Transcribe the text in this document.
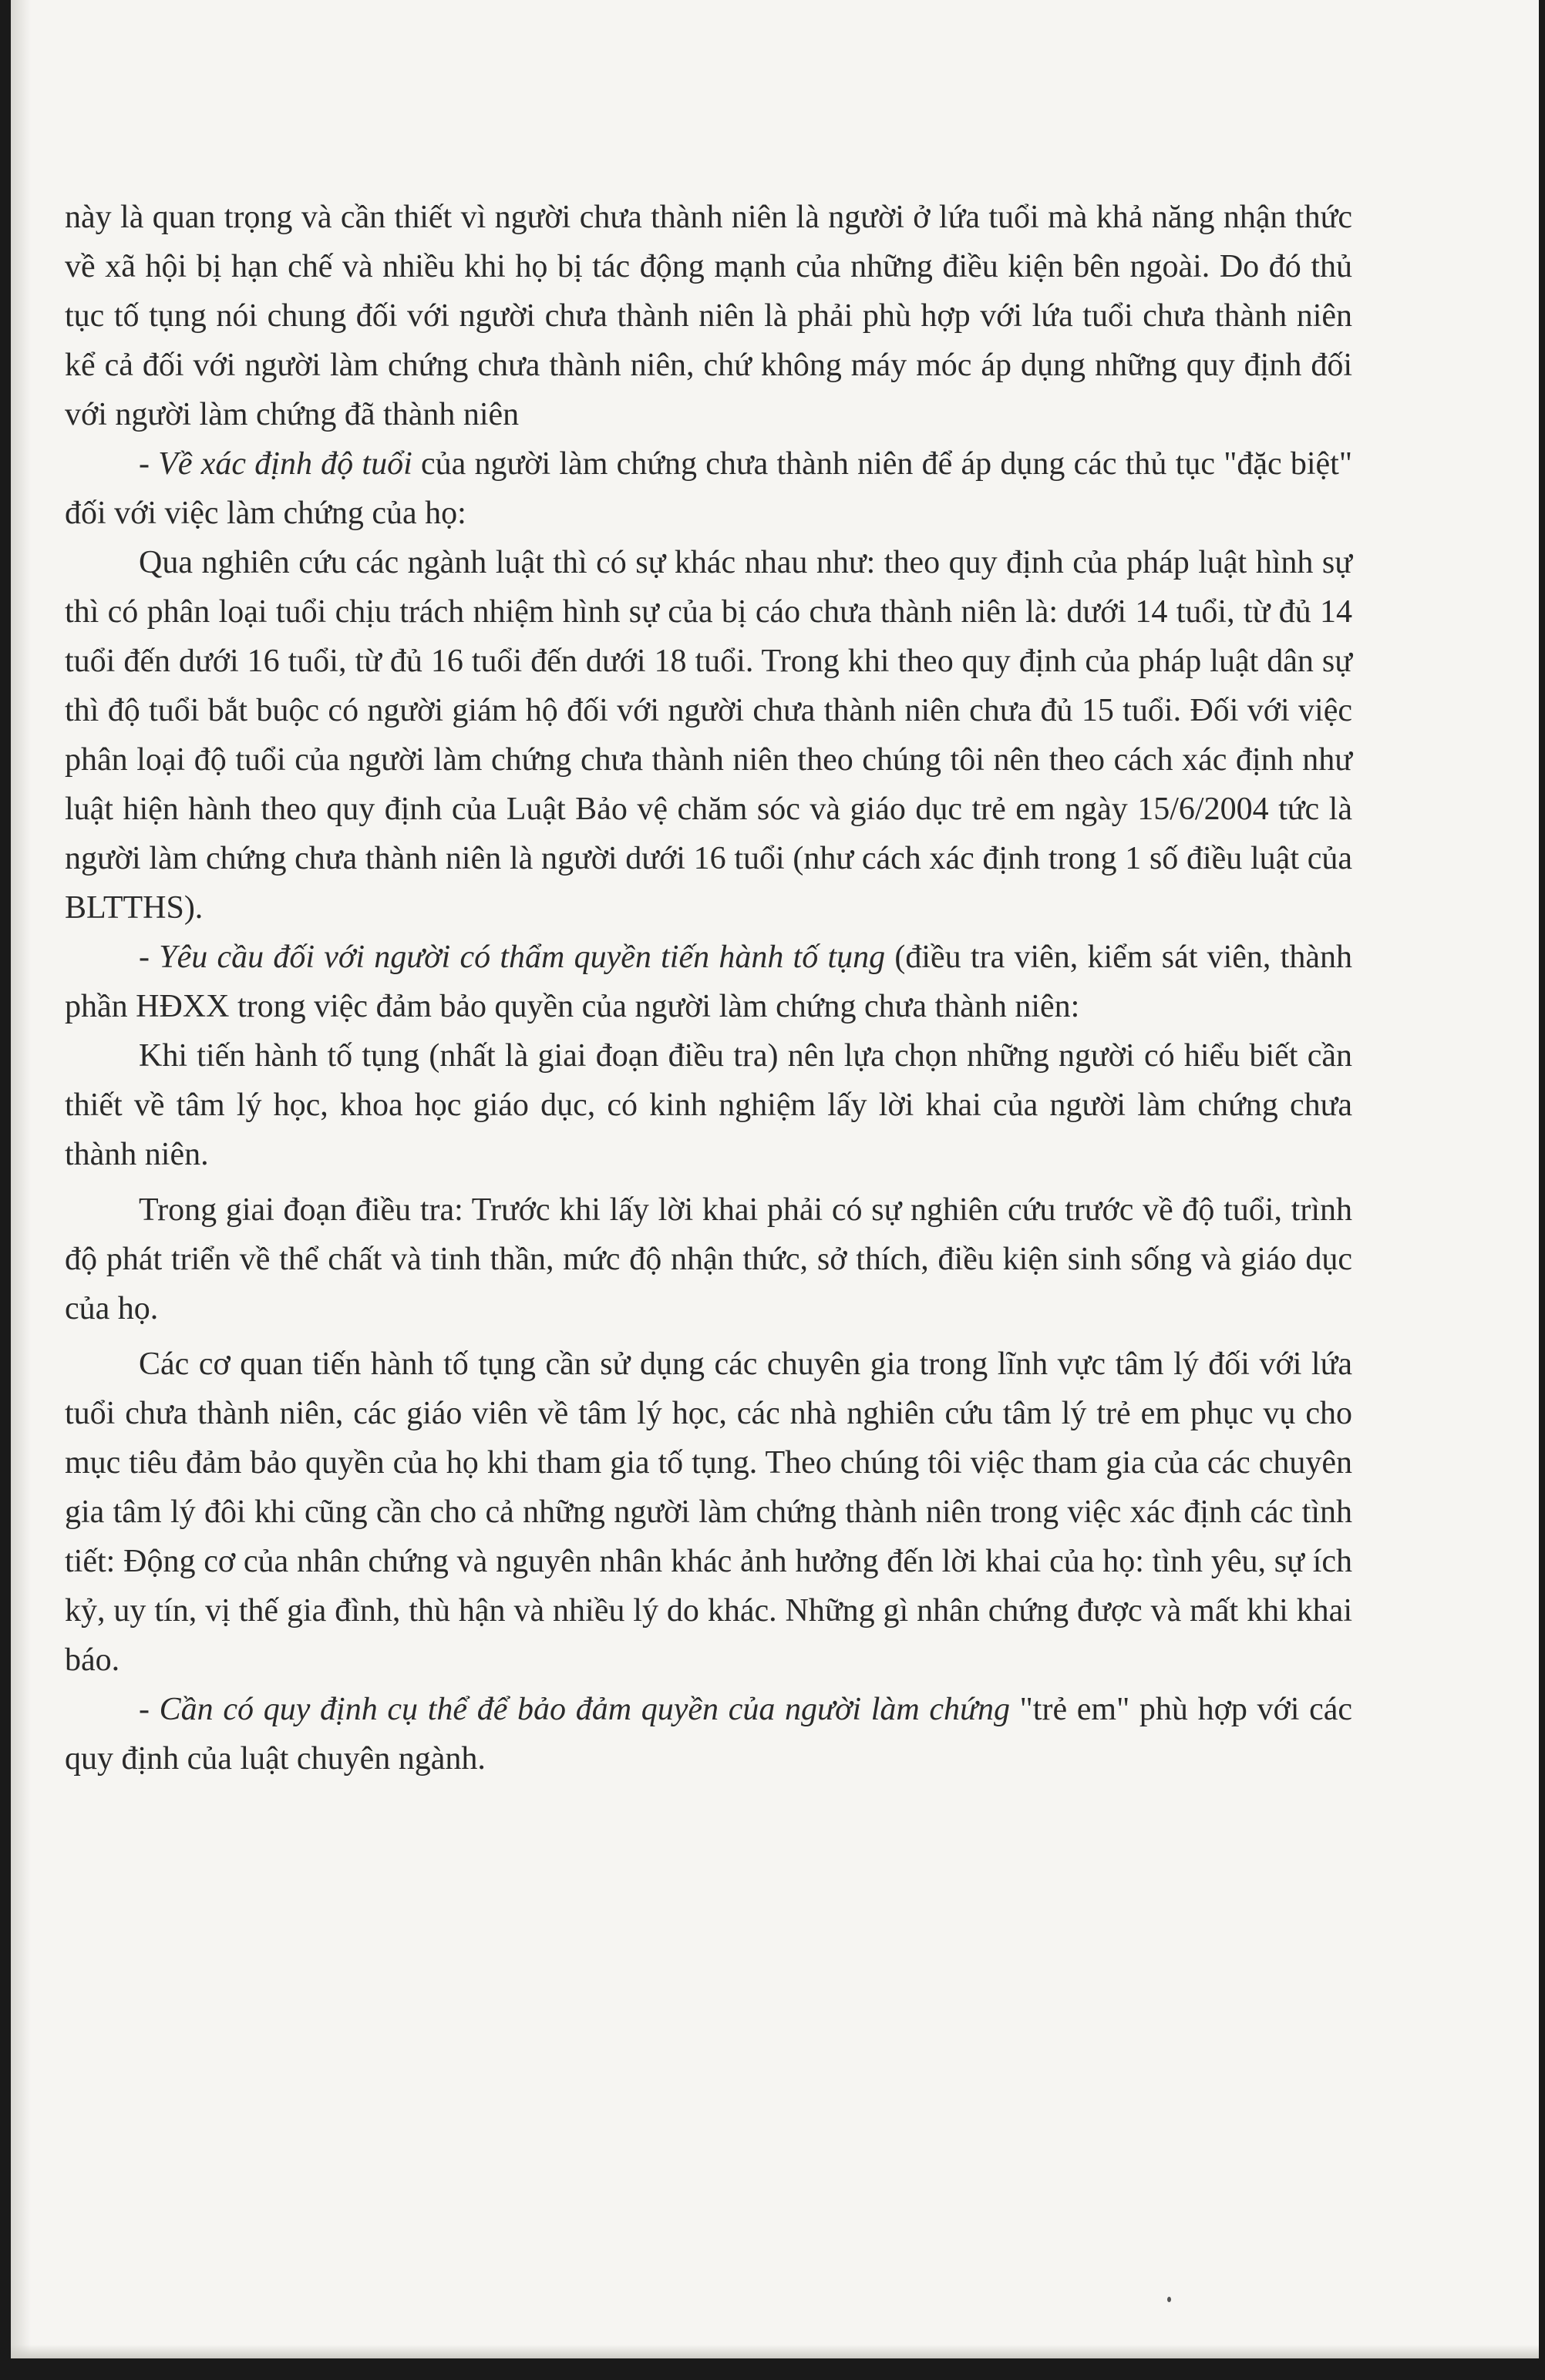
này là quan trọng và cần thiết vì người chưa thành niên là người ở lứa tuổi mà khả năng nhận thức về xã hội bị hạn chế và nhiều khi họ bị tác động mạnh của những điều kiện bên ngoài. Do đó thủ tục tố tụng nói chung đối với người chưa thành niên là phải phù hợp với lứa tuổi chưa thành niên kể cả đối với người làm chứng chưa thành niên, chứ không máy móc áp dụng những quy định đối với người làm chứng đã thành niên

- Về xác định độ tuổi của người làm chứng chưa thành niên để áp dụng các thủ tục "đặc biệt" đối với việc làm chứng của họ:

Qua nghiên cứu các ngành luật thì có sự khác nhau như: theo quy định của pháp luật hình sự thì có phân loại tuổi chịu trách nhiệm hình sự của bị cáo chưa thành niên là: dưới 14 tuổi, từ đủ 14 tuổi đến dưới 16 tuổi, từ đủ 16 tuổi đến dưới 18 tuổi. Trong khi theo quy định của pháp luật dân sự thì độ tuổi bắt buộc có người giám hộ đối với người chưa thành niên chưa đủ 15 tuổi. Đối với việc phân loại độ tuổi của người làm chứng chưa thành niên theo chúng tôi nên theo cách xác định như luật hiện hành theo quy định của Luật Bảo vệ chăm sóc và giáo dục trẻ em ngày 15/6/2004 tức là người làm chứng chưa thành niên là người dưới 16 tuổi (như cách xác định trong 1 số điều luật của BLTTHS).

- Yêu cầu đối với người có thẩm quyền tiến hành tố tụng (điều tra viên, kiểm sát viên, thành phần HĐXX trong việc đảm bảo quyền của người làm chứng chưa thành niên:

Khi tiến hành tố tụng (nhất là giai đoạn điều tra) nên lựa chọn những người có hiểu biết cần thiết về tâm lý học, khoa học giáo dục, có kinh nghiệm lấy lời khai của người làm chứng chưa thành niên.

Trong giai đoạn điều tra: Trước khi lấy lời khai phải có sự nghiên cứu trước về độ tuổi, trình độ phát triển về thể chất và tinh thần, mức độ nhận thức, sở thích, điều kiện sinh sống và giáo dục của họ.

Các cơ quan tiến hành tố tụng cần sử dụng các chuyên gia trong lĩnh vực tâm lý đối với lứa tuổi chưa thành niên, các giáo viên về tâm lý học, các nhà nghiên cứu tâm lý trẻ em phục vụ cho mục tiêu đảm bảo quyền của họ khi tham gia tố tụng. Theo chúng tôi việc tham gia của các chuyên gia tâm lý đôi khi cũng cần cho cả những người làm chứng thành niên trong việc xác định các tình tiết: Động cơ của nhân chứng và nguyên nhân khác ảnh hưởng đến lời khai của họ: tình yêu, sự ích kỷ, uy tín, vị thế gia đình, thù hận và nhiều lý do khác. Những gì nhân chứng được và mất khi khai báo.

- Cần có quy định cụ thể để bảo đảm quyền của người làm chứng "trẻ em" phù hợp với các quy định của luật chuyên ngành.
